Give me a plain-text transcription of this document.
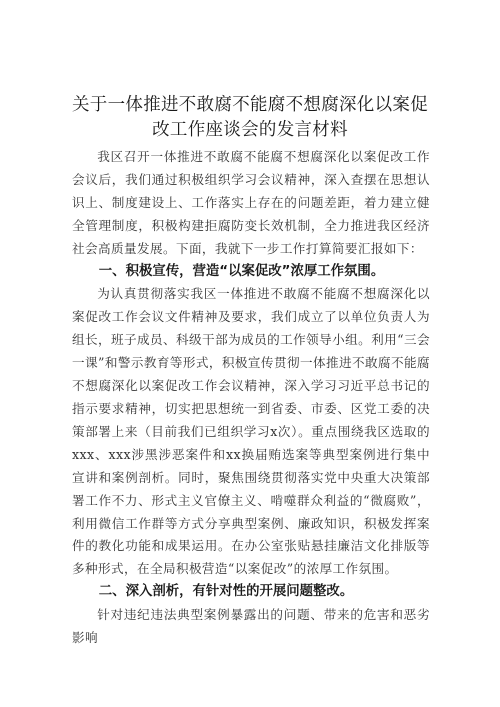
关于一体推进不敢腐不能腐不想腐深化以案促
改工作座谈会的发言材料

我区召开一体推进不敢腐不能腐不想腐深化以案促改工作会议后，我们通过积极组织学习会议精神，深入查摆在思想认识上、制度建设上、工作落实上存在的问题差距，着力建立健全管理制度，积极构建拒腐防变长效机制，全力推进我区经济社会高质量发展。下面，我就下一步工作打算简要汇报如下：

一、积极宣传，营造“以案促改”浓厚工作氛围。

为认真贯彻落实我区一体推进不敢腐不能腐不想腐深化以案促改工作会议文件精神及要求，我们成立了以单位负责人为组长，班子成员、科级干部为成员的工作领导小组。利用“三会一课”和警示教育等形式，积极宣传贯彻一体推进不敢腐不能腐不想腐深化以案促改工作会议精神，深入学习习近平总书记的指示要求精神，切实把思想统一到省委、市委、区党工委的决策部署上来（目前我们已组织学习x次）。重点围绕我区选取的xxx、xxx涉黑涉恶案件和xx换届贿选案等典型案例进行集中宣讲和案例剖析。同时，聚焦围绕贯彻落实党中央重大决策部署工作不力、形式主义官僚主义、啃噬群众利益的“微腐败”，利用微信工作群等方式分享典型案例、廉政知识，积极发挥案件的教化功能和成果运用。在办公室张贴悬挂廉洁文化排版等多种形式，在全局积极营造“以案促改”的浓厚工作氛围。

二、深入剖析，有针对性的开展问题整改。

针对违纪违法典型案例暴露出的问题、带来的危害和恶劣影响
